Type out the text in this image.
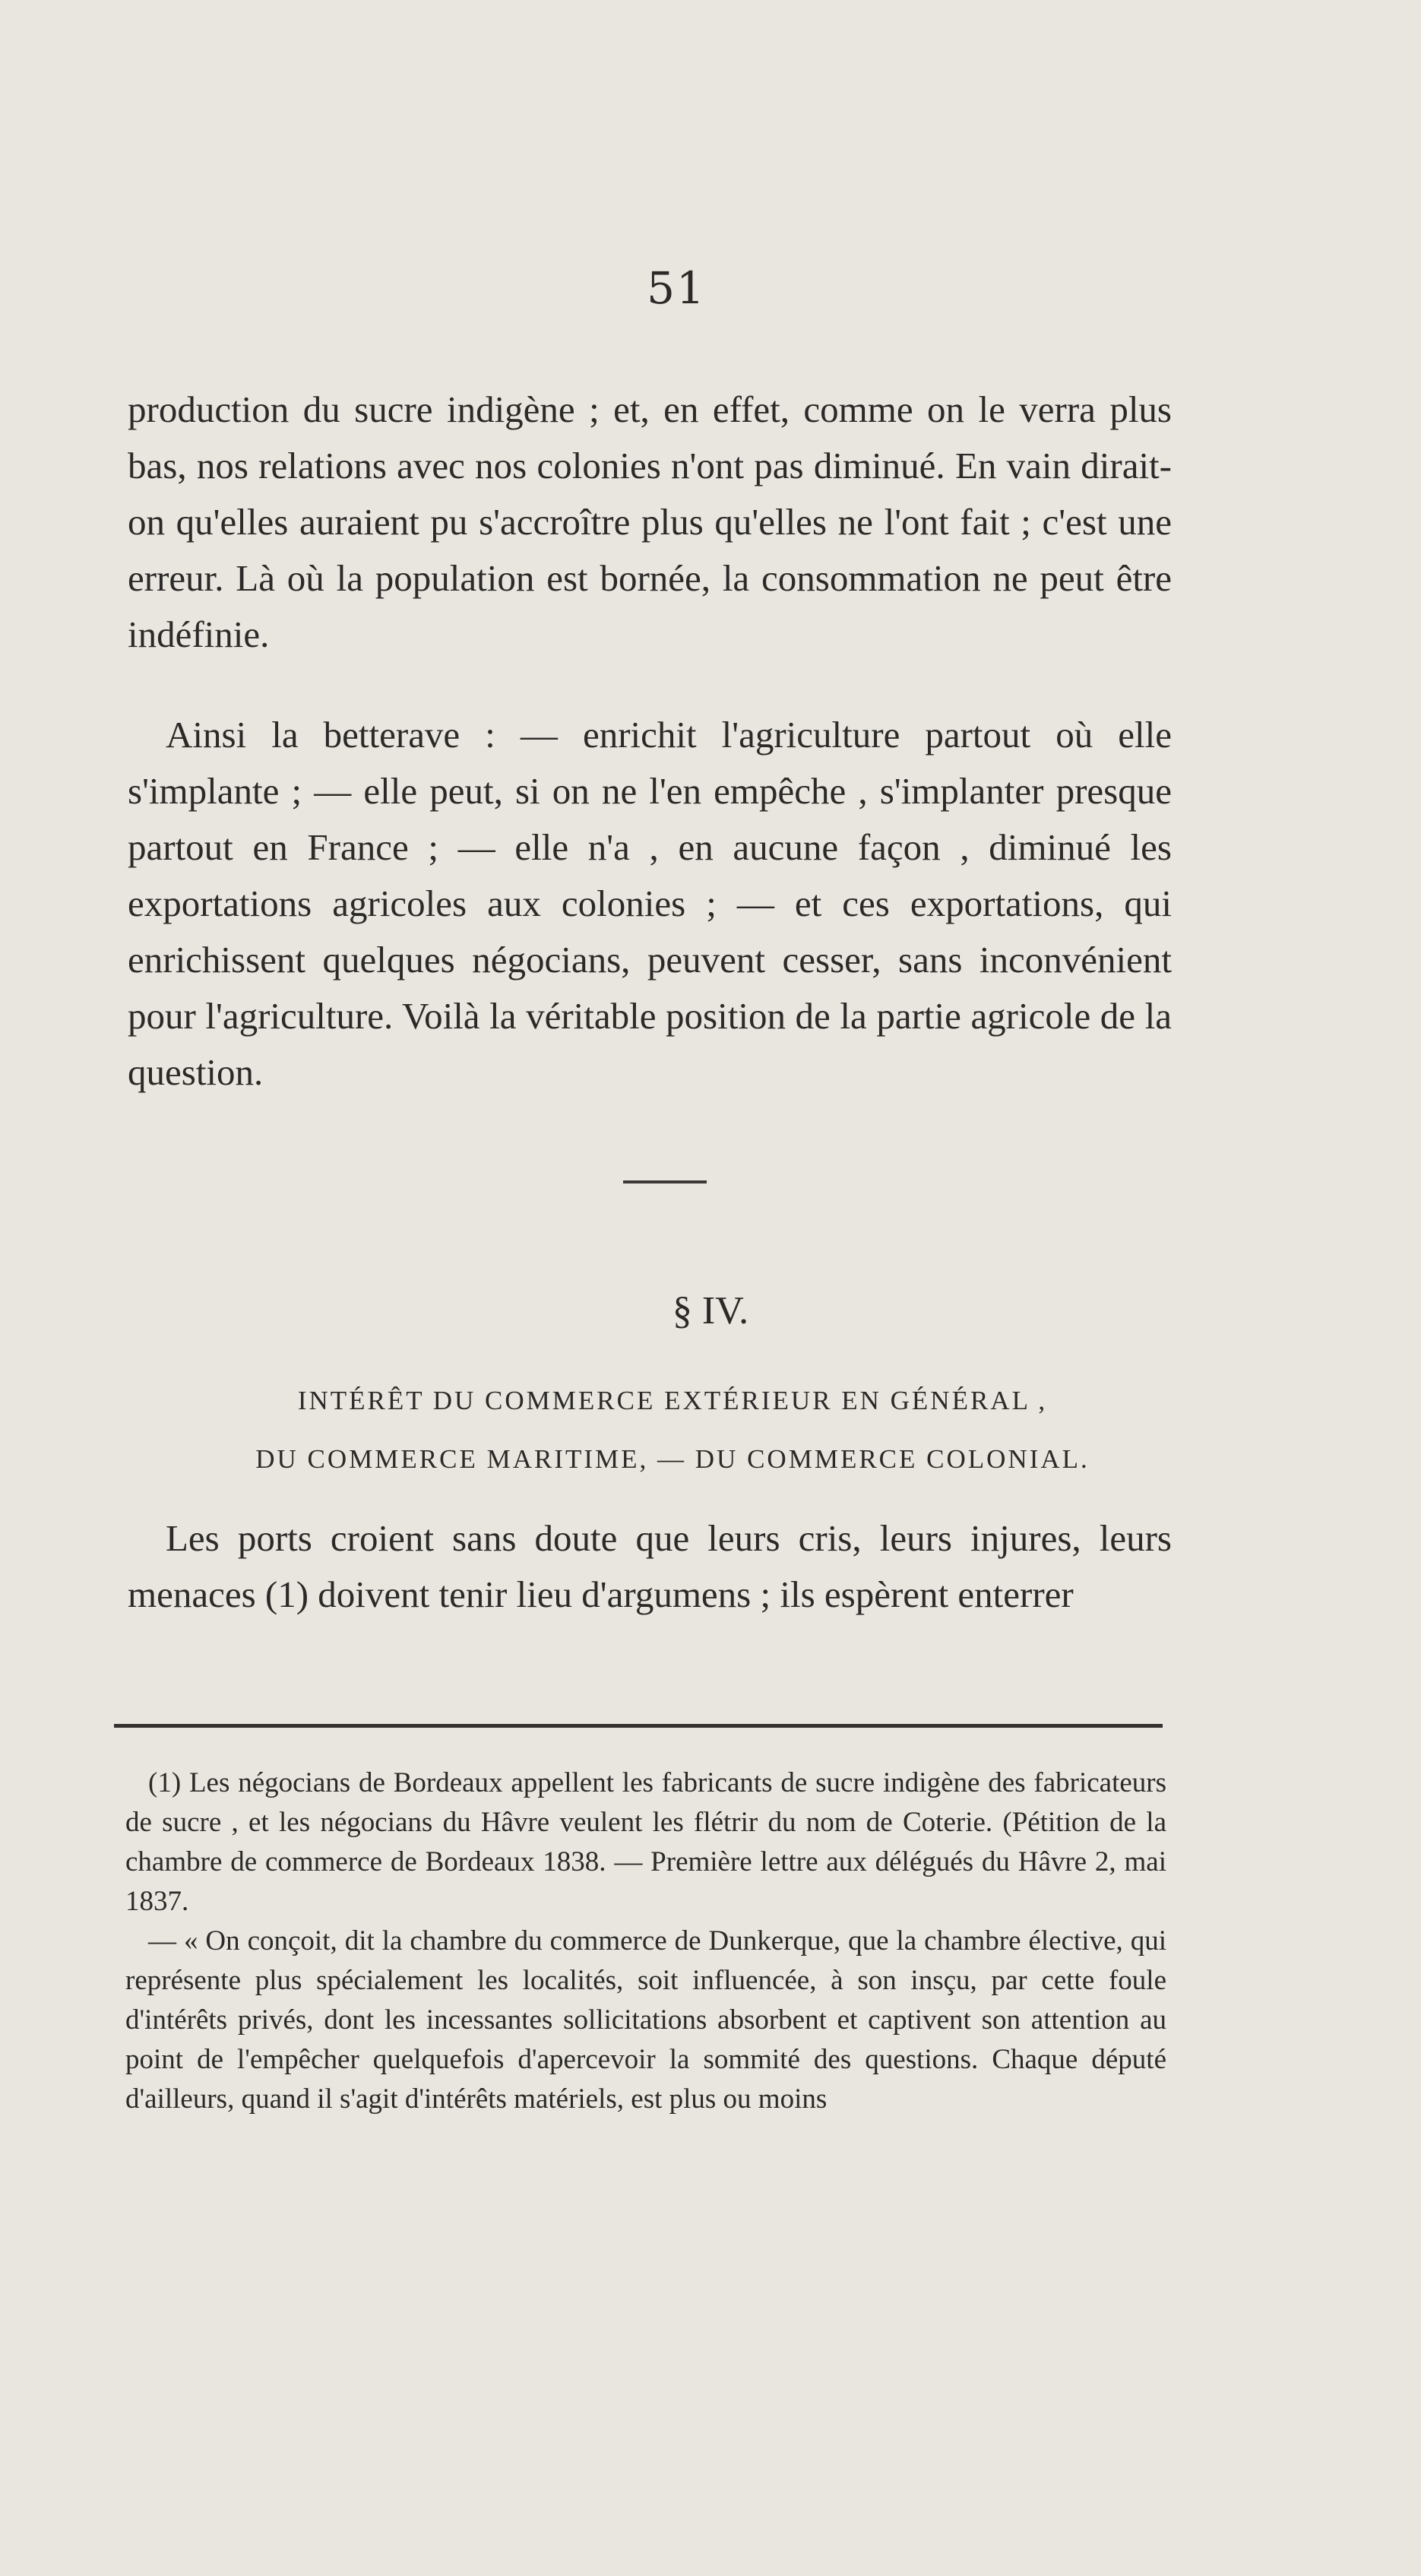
51

production du sucre indigène ; et, en effet, comme on le verra plus bas, nos relations avec nos colonies n'ont pas diminué. En vain dirait-on qu'elles auraient pu s'accroître plus qu'elles ne l'ont fait ; c'est une erreur. Là où la population est bornée, la consommation ne peut être indéfinie.

Ainsi la betterave : — enrichit l'agriculture partout où elle s'implante ; — elle peut, si on ne l'en empêche , s'implanter presque partout en France ; — elle n'a , en aucune façon , diminué les exportations agricoles aux colonies ; — et ces exportations, qui enrichissent quelques négocians, peuvent cesser, sans inconvénient pour l'agriculture. Voilà la véritable position de la partie agricole de la question.

§ IV.
INTÉRÊT DU COMMERCE EXTÉRIEUR EN GÉNÉRAL ,
DU COMMERCE MARITIME, — DU COMMERCE COLONIAL.

Les ports croient sans doute que leurs cris, leurs injures, leurs menaces (1) doivent tenir lieu d'argumens ; ils espèrent enterrer

(1) Les négocians de Bordeaux appellent les fabricants de sucre indigène des fabricateurs de sucre , et les négocians du Hâvre veulent les flétrir du nom de Coterie. (Pétition de la chambre de commerce de Bordeaux 1838. — Première lettre aux délégués du Hâvre 2, mai 1837.

— « On conçoit, dit la chambre du commerce de Dunkerque, que la chambre élective, qui représente plus spécialement les localités, soit influencée, à son insçu, par cette foule d'intérêts privés, dont les incessantes sollicitations absorbent et captivent son attention au point de l'empêcher quelquefois d'apercevoir la sommité des questions. Chaque député d'ailleurs, quand il s'agit d'intérêts matériels, est plus ou moins
